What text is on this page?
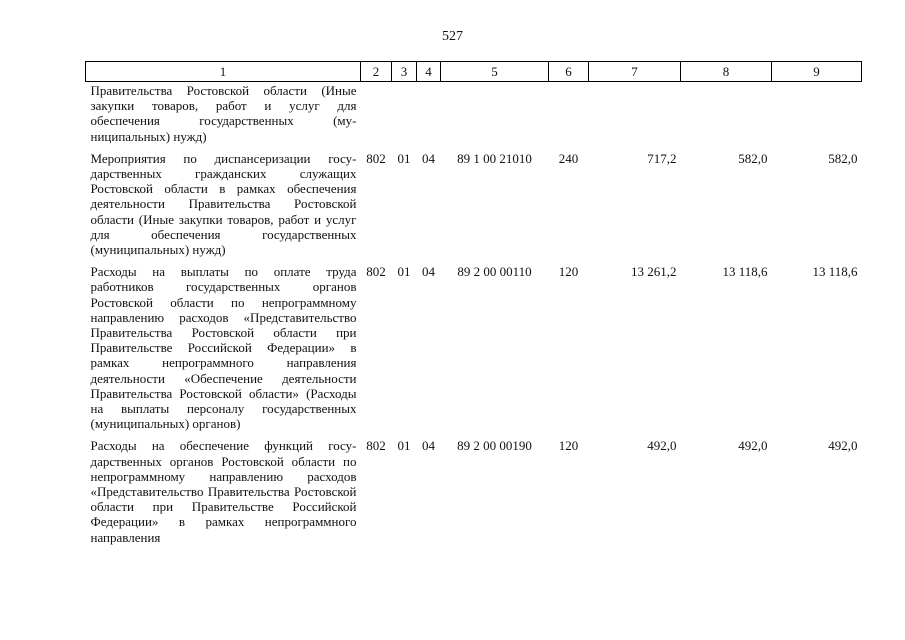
527
1	2	3	4	5	6	7	8	9
Правительства Ростовской области (Иные закупки товаров, работ и услуг для обеспечения государственных (муниципальных) нужд)								
Мероприятия по диспансеризации государственных гражданских служащих Ростовской области в рамках обеспечения деятельности Правительства Ростовской области (Иные закупки товаров, работ и услуг для обеспечения государственных (муниципальных) нужд)	802	01	04	89 1 00 21010	240	717,2	582,0	582,0
Расходы на выплаты по оплате труда работников государственных органов Ростовской области по непрограммному направлению расходов «Представительство Правительства Ростовской области при Правительстве Российской Федерации» в рамках непрограммного направления деятельности «Обеспечение деятельности Правительства Ростовской области» (Расходы на выплаты персоналу государственных (муниципальных) органов)	802	01	04	89 2 00 00110	120	13 261,2	13 118,6	13 118,6
Расходы на обеспечение функций государственных органов Ростовской области по непрограммному направлению расходов «Представительство Правительства Ростовской области при Правительстве Российской Федерации» в рамках непрограммного направления	802	01	04	89 2 00 00190	120	492,0	492,0	492,0
